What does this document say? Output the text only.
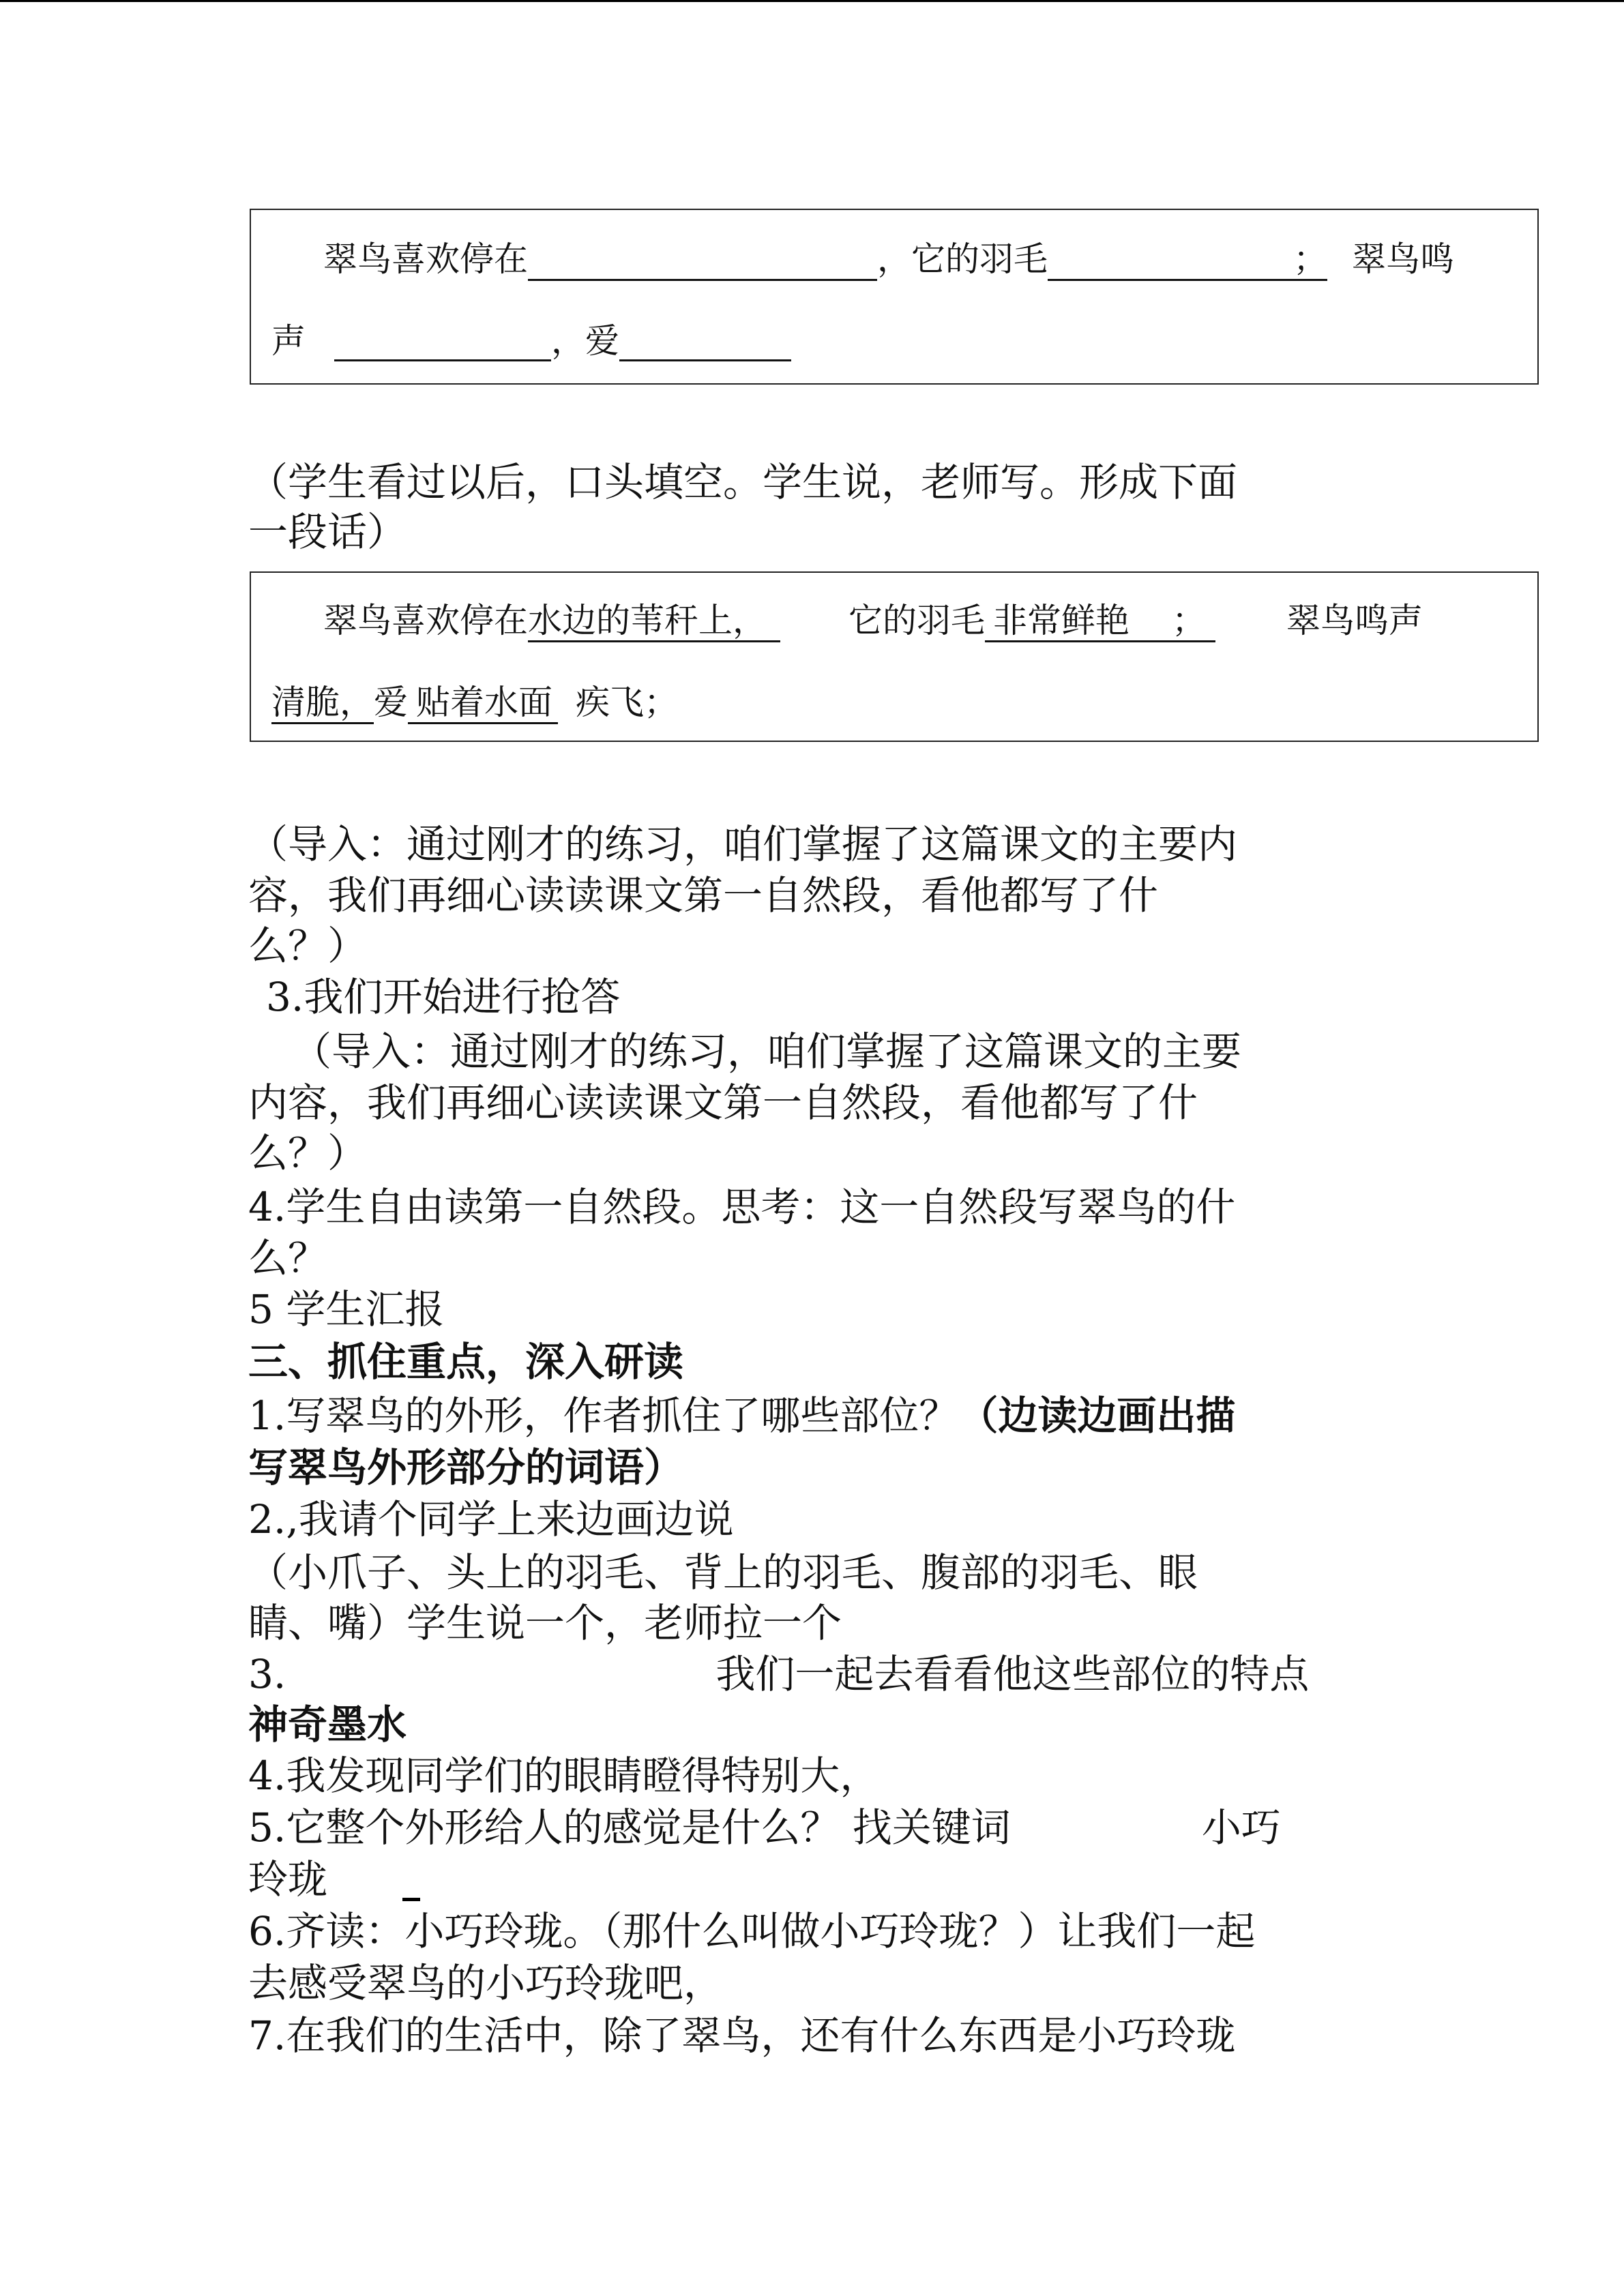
翠鸟喜欢停在	，它的羽毛	； 翠鸟鸣
声	，爱
（学生看过以后，口头填空。学生说，老师写。形成下面
一段话）
翠鸟喜欢停在水边的苇秆上， 它的羽毛 非常鲜艳 ； 翠鸟鸣声
清脆，爱 贴着水面 疾飞；
（导入：通过刚才的练习，咱们掌握了这篇课文的主要内
容，我们再细心读读课文第一自然段，看他都写了什
么？）
3.我们开始进行抢答
（导入：通过刚才的练习，咱们掌握了这篇课文的主要
内容，我们再细心读读课文第一自然段，看他都写了什
么？）
4.学生自由读第一自然段。思考：这一自然段写翠鸟的什
么？
5 学生汇报
三、抓住重点，深入研读
1.写翠鸟的外形，作者抓住了哪些部位？（边读边画出描
写翠鸟外形部分的词语）
2.,我请个同学上来边画边说
（小爪子、头上的羽毛、背上的羽毛、腹部的羽毛、眼
睛、嘴）学生说一个，老师拉一个
3.	我们一起去看看他这些部位的特点
神奇墨水
4.我发现同学们的眼睛瞪得特别大，
5.它整个外形给人的感觉是什么？ 找关键词	小巧
玲珑
6.齐读：小巧玲珑。（那什么叫做小巧玲珑？）让我们一起
去感受翠鸟的小巧玲珑吧，
7.在我们的生活中，除了翠鸟，还有什么东西是小巧玲珑
